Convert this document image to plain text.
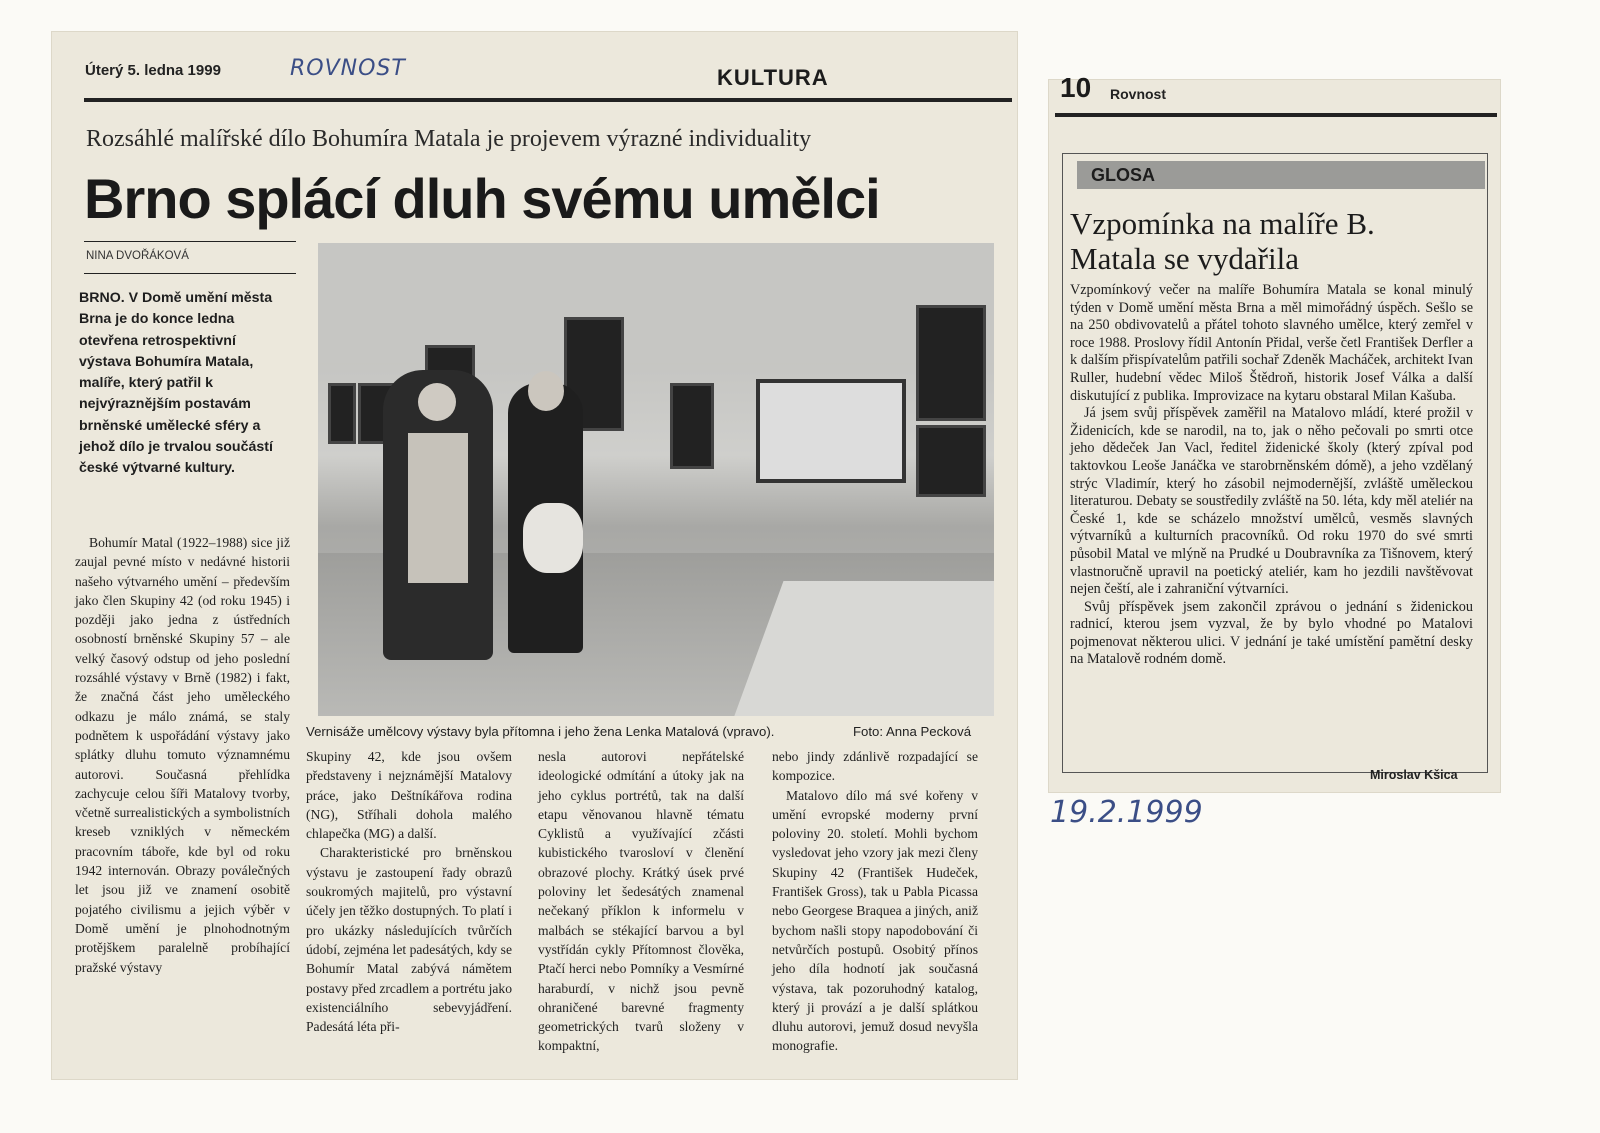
Úterý 5. ledna 1999	ROVNOST	KULTURA
Rozsáhlé malířské dílo Bohumíra Matala je projevem výrazné individuality
Brno splácí dluh svému umělci
NINA DVOŘÁKOVÁ
BRNO. V Domě umění města Brna je do konce ledna otevřena retrospektivní výstava Bohumíra Matala, malíře, který patřil k nejvýraznějším postavám brněnské umělecké sféry a jehož dílo je trvalou součástí české výtvarné kultury.

Bohumír Matal (1922–1988) sice již zaujal pevné místo v nedávné historii našeho výtvarného umění – především jako člen Skupiny 42 (od roku 1945) i později jako jedna z ústředních osobností brněnské Skupiny 57 – ale velký časový odstup od jeho poslední rozsáhlé výstavy v Brně (1982) i fakt, že značná část jeho uměleckého odkazu je málo známá, se staly podnětem k uspořádání výstavy jako splátky dluhu tomuto významnému autorovi. Současná přehlídka zachycuje celou šíři Matalovy tvorby, včetně surrealistických a symbolistních kreseb vzniklých v německém pracovním táboře, kde byl od roku 1942 internován. Obrazy poválečných let jsou již ve znamení osobitě pojatého civilismu a jejich výběr v Domě umění je plnohodnotným protějškem paralelně probíhající pražské výstavy

Vernisáže umělcovy výstavy byla přítomna i jeho žena Lenka Matalová (vpravo).	Foto: Anna Pecková

Skupiny 42, kde jsou ovšem představeny i nejznámější Matalovy práce, jako Deštníkářova rodina (NG), Stříhali dohola malého chlapečka (MG) a další.

Charakteristické pro brněnskou výstavu je zastoupení řady obrazů soukromých majitelů, pro výstavní účely jen těžko dostupných. To platí i pro ukázky následujících tvůrčích údobí, zejména let padesátých, kdy se Bohumír Matal zabývá námětem postavy před zrcadlem a portrétu jako existenciálního sebevyjádření. Padesátá léta při-

nesla autorovi nepřátelské ideologické odmítání a útoky jak na jeho cyklus portrétů, tak na další etapu věnovanou hlavně tématu Cyklistů a využívající zčásti kubistického tvarosloví v členění obrazové plochy. Krátký úsek prvé poloviny let šedesátých znamenal nečekaný příklon k informelu v malbách se stékající barvou a byl vystřídán cykly Přítomnost člověka, Ptačí herci nebo Pomníky a Vesmírné haraburdí, v nichž jsou pevně ohraničené barevné fragmenty geometrických tvarů složeny v kompaktní,

nebo jindy zdánlivě rozpadající se kompozice.

Matalovo dílo má své kořeny v umění evropské moderny první poloviny 20. století. Mohli bychom vysledovat jeho vzory jak mezi členy Skupiny 42 (František Hudeček, František Gross), tak u Pabla Picassa nebo Georgese Braquea a jiných, aniž bychom našli stopy napodobování či netvůrčích postupů. Osobitý přínos jeho díla hodnotí jak současná výstava, tak pozoruhodný katalog, který ji provází a je další splátkou dluhu autorovi, jemuž dosud nevyšla monografie.

10 Rovnost
GLOSA
Vzpomínka na malíře B. Matala se vydařila

Vzpomínkový večer na malíře Bohumíra Matala se konal minulý týden v Domě umění města Brna a měl mimořádný úspěch. Sešlo se na 250 obdivovatelů a přátel tohoto slavného umělce, který zemřel v roce 1988. Proslovy řídil Antonín Přidal, verše četl František Derfler a k dalším přispívatelům patřili sochař Zdeněk Macháček, architekt Ivan Ruller, hudební vědec Miloš Štědroň, historik Josef Válka a další diskutující z publika. Improvizace na kytaru obstaral Milan Kašuba.

Já jsem svůj příspěvek zaměřil na Matalovo mládí, které prožil v Židenicích, kde se narodil, na to, jak o něho pečovali po smrti otce jeho dědeček Jan Vacl, ředitel židenické školy (který zpíval pod taktovkou Leoše Janáčka ve starobrněnském dómě), a jeho vzdělaný strýc Vladimír, který ho zásobil nejmodernější, zvláště uměleckou literaturou. Debaty se soustředily zvláště na 50. léta, kdy měl ateliér na České 1, kde se scházelo množství umělců, vesměs slavných výtvarníků a kulturních pracovníků. Od roku 1970 do své smrti působil Matal ve mlýně na Prudké u Doubravníka za Tišnovem, který vlastnoručně upravil na poetický ateliér, kam ho jezdili navštěvovat nejen čeští, ale i zahraniční výtvarníci.

Svůj příspěvek jsem zakončil zprávou o jednání s židenickou radnicí, kterou jsem vyzval, že by bylo vhodné po Matalovi pojmenovat některou ulici. V jednání je také umístění pamětní desky na Matalově rodném domě.

Miroslav Kšica
19.2.1999
